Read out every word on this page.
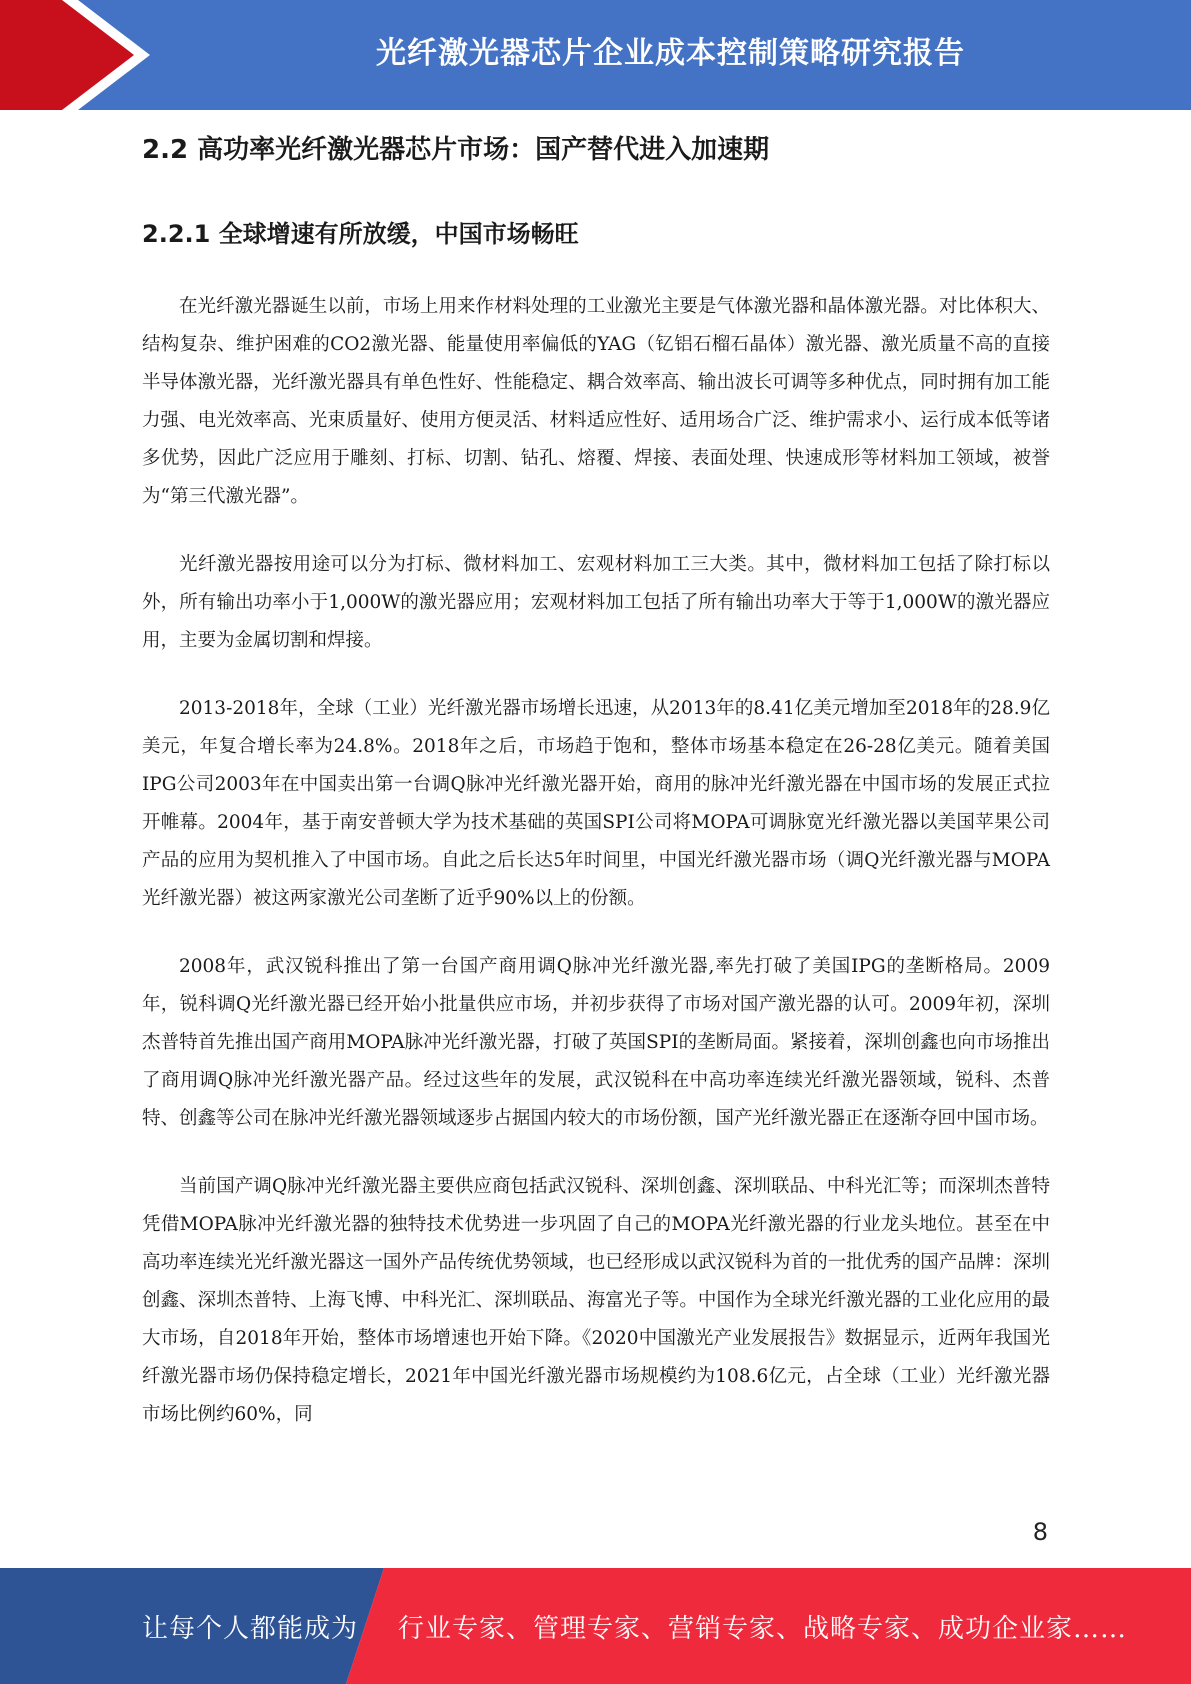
光纤激光器芯片企业成本控制策略研究报告
2.2 高功率光纤激光器芯片市场：国产替代进入加速期
2.2.1 全球增速有所放缓，中国市场畅旺

在光纤激光器诞生以前，市场上用来作材料处理的工业激光主要是气体激光器和晶体激光器。对比体积大、结构复杂、维护困难的CO2激光器、能量使用率偏低的YAG（钇铝石榴石晶体）激光器、激光质量不高的直接半导体激光器，光纤激光器具有单色性好、性能稳定、耦合效率高、输出波长可调等多种优点，同时拥有加工能力强、电光效率高、光束质量好、使用方便灵活、材料适应性好、适用场合广泛、维护需求小、运行成本低等诸多优势，因此广泛应用于雕刻、打标、切割、钻孔、熔覆、焊接、表面处理、快速成形等材料加工领域，被誉为“第三代激光器”。

光纤激光器按用途可以分为打标、微材料加工、宏观材料加工三大类。其中，微材料加工包括了除打标以外，所有输出功率小于1,000W的激光器应用；宏观材料加工包括了所有输出功率大于等于1,000W的激光器应用，主要为金属切割和焊接。

2013-2018年，全球（工业）光纤激光器市场增长迅速，从2013年的8.41亿美元增加至2018年的28.9亿美元，年复合增长率为24.8%。2018年之后，市场趋于饱和，整体市场基本稳定在26-28亿美元。随着美国IPG公司2003年在中国卖出第一台调Q脉冲光纤激光器开始，商用的脉冲光纤激光器在中国市场的发展正式拉开帷幕。2004年，基于南安普顿大学为技术基础的英国SPI公司将MOPA可调脉宽光纤激光器以美国苹果公司产品的应用为契机推入了中国市场。自此之后长达5年时间里，中国光纤激光器市场（调Q光纤激光器与MOPA光纤激光器）被这两家激光公司垄断了近乎90%以上的份额。

2008年，武汉锐科推出了第一台国产商用调Q脉冲光纤激光器,率先打破了美国IPG的垄断格局。2009年，锐科调Q光纤激光器已经开始小批量供应市场，并初步获得了市场对国产激光器的认可。2009年初，深圳杰普特首先推出国产商用MOPA脉冲光纤激光器，打破了英国SPI的垄断局面。紧接着，深圳创鑫也向市场推出了商用调Q脉冲光纤激光器产品。经过这些年的发展，武汉锐科在中高功率连续光纤激光器领域，锐科、杰普特、创鑫等公司在脉冲光纤激光器领域逐步占据国内较大的市场份额，国产光纤激光器正在逐渐夺回中国市场。

当前国产调Q脉冲光纤激光器主要供应商包括武汉锐科、深圳创鑫、深圳联品、中科光汇等；而深圳杰普特凭借MOPA脉冲光纤激光器的独特技术优势进一步巩固了自己的MOPA光纤激光器的行业龙头地位。甚至在中高功率连续光光纤激光器这一国外产品传统优势领域，也已经形成以武汉锐科为首的一批优秀的国产品牌：深圳创鑫、深圳杰普特、上海飞博、中科光汇、深圳联品、海富光子等。中国作为全球光纤激光器的工业化应用的最大市场，自2018年开始，整体市场增速也开始下降。《2020中国激光产业发展报告》数据显示，近两年我国光纤激光器市场仍保持稳定增长，2021年中国光纤激光器市场规模约为108.6亿元，占全球（工业）光纤激光器市场比例约60%，同

8
让每个人都能成为 行业专家、管理专家、营销专家、战略专家、成功企业家……
